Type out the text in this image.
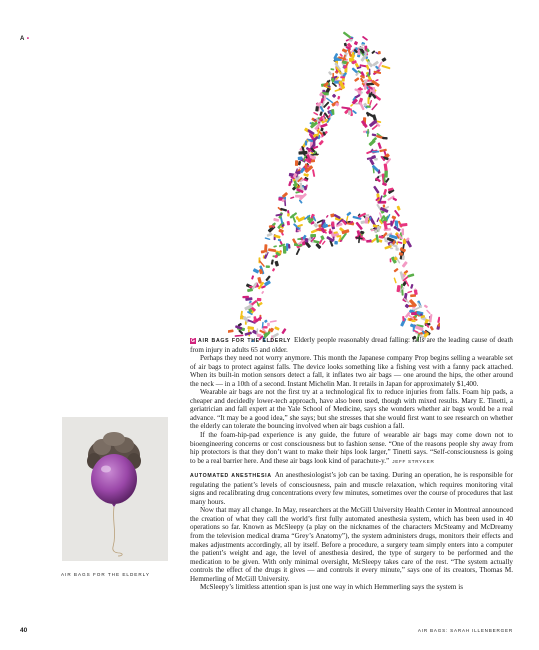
A •
AIR BAGS FOR THE ELDERLY

G AIR BAGS FOR THE ELDERLY Elderly people reasonably dread falling: falls are the leading cause of death from injury in adults 65 and older.

Perhaps they need not worry anymore. This month the Japanese company Prop begins selling a wearable set of air bags to protect against falls. The device looks something like a fishing vest with a fanny pack attached. When its built-in motion sensors detect a fall, it inflates two air bags — one around the hips, the other around the neck — in a 10th of a second. Instant Michelin Man. It retails in Japan for approximately $1,400.

Wearable air bags are not the first try at a technological fix to reduce injuries from falls. Foam hip pads, a cheaper and decidedly lower-tech approach, have also been used, though with mixed results. Mary E. Tinetti, a geriatrician and fall expert at the Yale School of Medicine, says she wonders whether air bags would be a real advance. “It may be a good idea,” she says; but she stresses that she would first want to see research on whether the elderly can tolerate the bouncing involved when air bags cushion a fall.

If the foam-hip-pad experience is any guide, the future of wearable air bags may come down not to bioengineering concerns or cost consciousness but to fashion sense. “One of the reasons people shy away from hip protectors is that they don’t want to make their hips look larger,” Tinetti says. “Self-consciousness is going to be a real barrier here. And these air bags look kind of parachute-y.” JEFF STRYKER

AUTOMATED ANESTHESIA An anesthesiologist’s job can be taxing. During an operation, he is responsible for regulating the patient’s levels of consciousness, pain and muscle relaxation, which requires monitoring vital signs and recalibrating drug concentrations every few minutes, sometimes over the course of procedures that last many hours.

Now that may all change. In May, researchers at the McGill University Health Center in Montreal announced the creation of what they call the world’s first fully automated anesthesia system, which has been used in 40 operations so far. Known as McSleepy (a play on the nicknames of the characters McSteamy and McDreamy from the television medical drama “Grey’s Anatomy”), the system administers drugs, monitors their effects and makes adjustments accordingly, all by itself. Before a procedure, a surgery team simply enters into a computer the patient’s weight and age, the level of anesthesia desired, the type of surgery to be performed and the medication to be given. With only minimal oversight, McSleepy takes care of the rest. “The system actually controls the effect of the drugs it gives — and controls it every minute,” says one of its creators, Thomas M. Hemmerling of McGill University.

McSleepy’s limitless attention span is just one way in which Hemmerling says the system is

40	AIR BAGS: SARAH ILLENBERGER
